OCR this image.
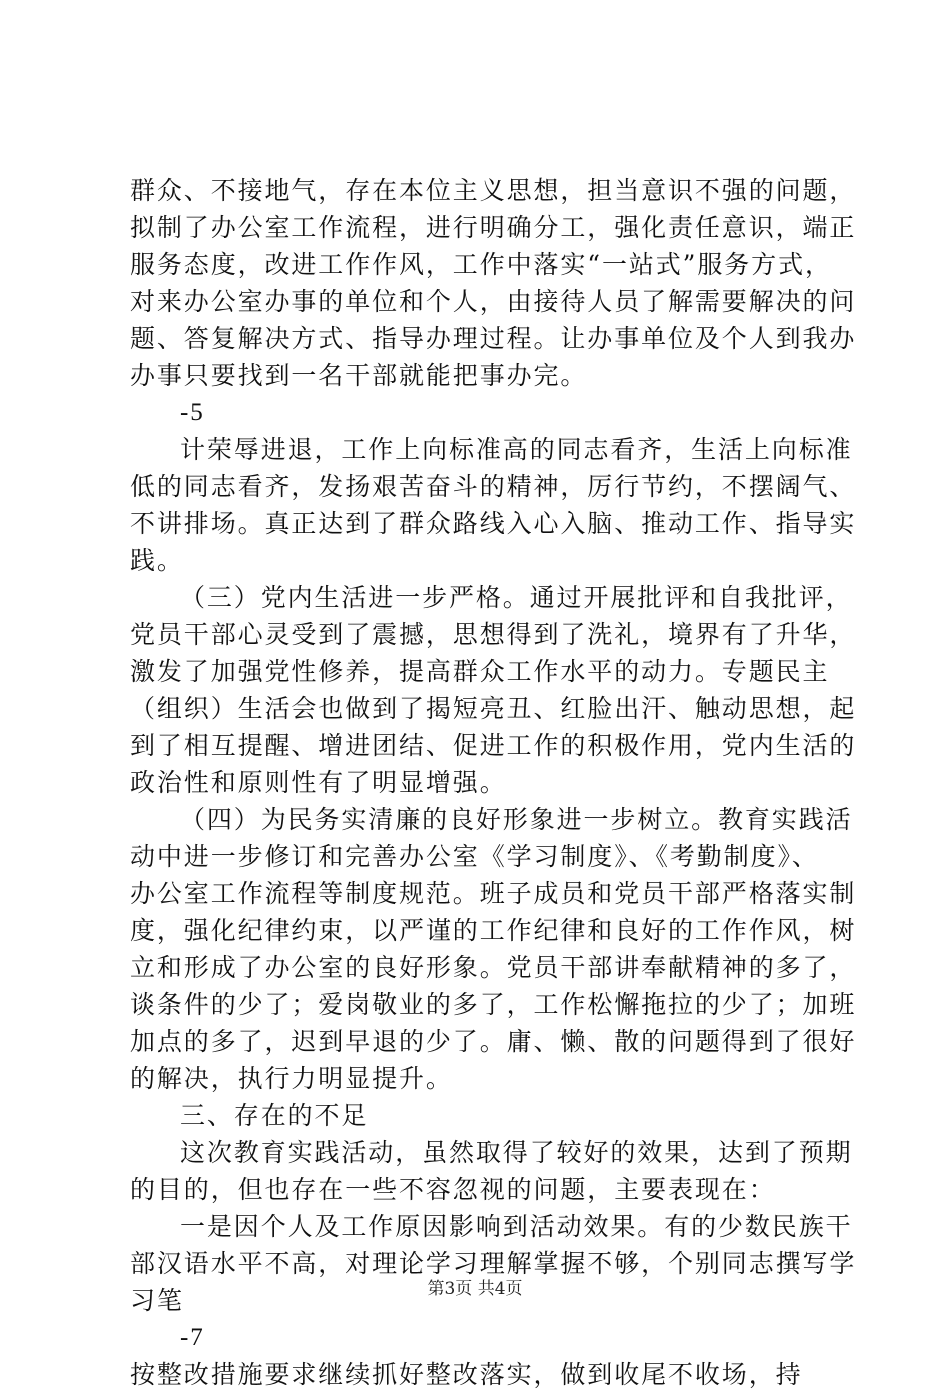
群众、不接地气，存在本位主义思想，担当意识不强的问题，
拟制了办公室工作流程，进行明确分工，强化责任意识，端正
服务态度，改进工作作风，工作中落实“一站式”服务方式，
对来办公室办事的单位和个人，由接待人员了解需要解决的问
题、答复解决方式、指导办理过程。让办事单位及个人到我办
办事只要找到一名干部就能把事办完。
-5
计荣辱进退，工作上向标准高的同志看齐，生活上向标准
低的同志看齐，发扬艰苦奋斗的精神，厉行节约，不摆阔气、
不讲排场。真正达到了群众路线入心入脑、推动工作、指导实
践。
（三）党内生活进一步严格。通过开展批评和自我批评，
党员干部心灵受到了震撼，思想得到了洗礼，境界有了升华，
激发了加强党性修养，提高群众工作水平的动力。专题民主
（组织）生活会也做到了揭短亮丑、红脸出汗、触动思想，起
到了相互提醒、增进团结、促进工作的积极作用，党内生活的
政治性和原则性有了明显增强。
（四）为民务实清廉的良好形象进一步树立。教育实践活
动中进一步修订和完善办公室《学习制度》、《考勤制度》、
办公室工作流程等制度规范。班子成员和党员干部严格落实制
度，强化纪律约束，以严谨的工作纪律和良好的工作作风，树
立和形成了办公室的良好形象。党员干部讲奉献精神的多了，
谈条件的少了；爱岗敬业的多了，工作松懈拖拉的少了；加班
加点的多了，迟到早退的少了。庸、懒、散的问题得到了很好
的解决，执行力明显提升。
三、存在的不足
这次教育实践活动，虽然取得了较好的效果，达到了预期
的目的，但也存在一些不容忽视的问题，主要表现在：
一是因个人及工作原因影响到活动效果。有的少数民族干
部汉语水平不高，对理论学习理解掌握不够，个别同志撰写学
习笔
-7
按整改措施要求继续抓好整改落实，做到收尾不收场，持
第3页 共4页
